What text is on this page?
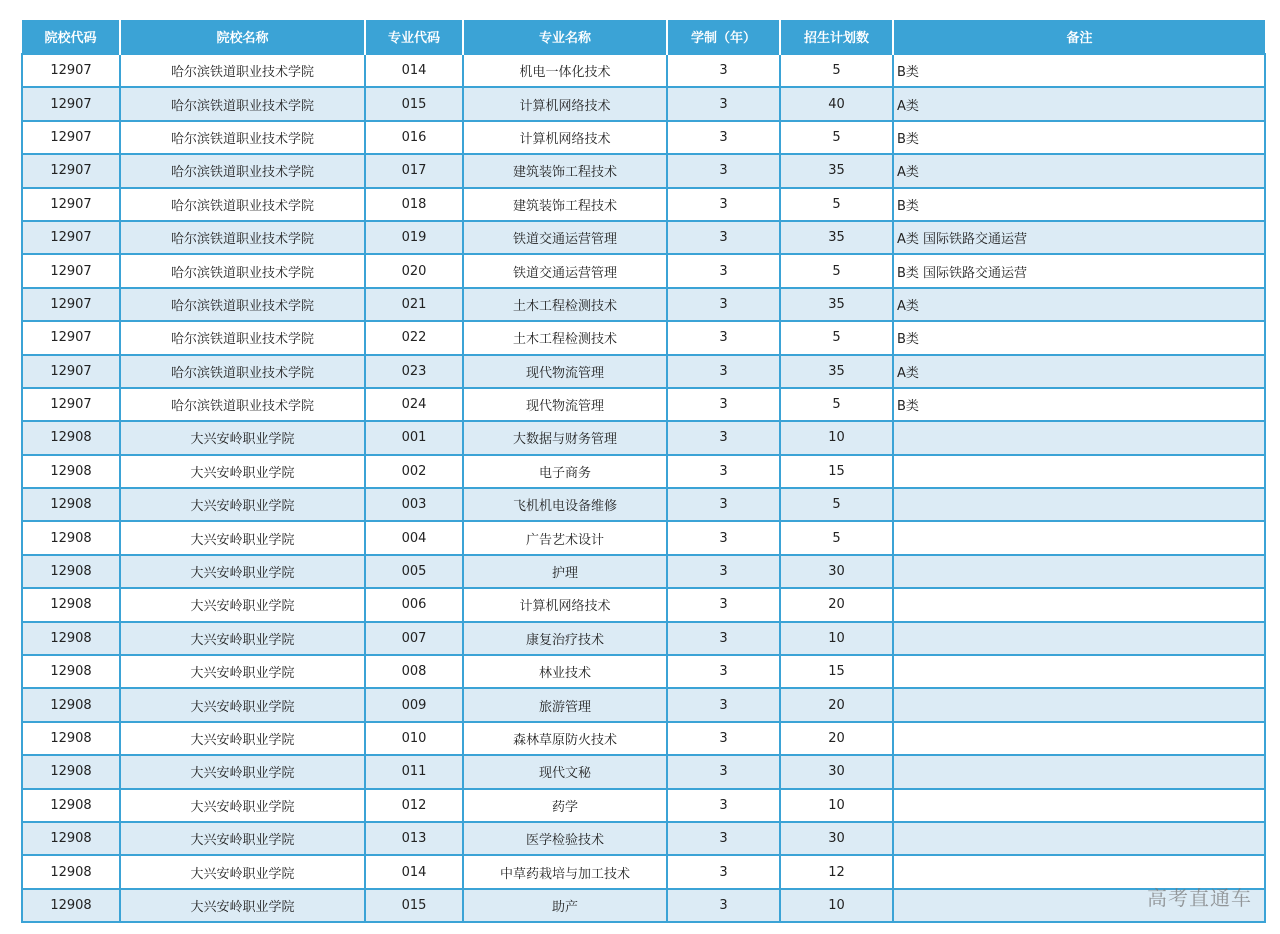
院校代码	院校名称	专业代码	专业名称	学制（年）	招生计划数	备注
12907	哈尔滨铁道职业技术学院	014	机电一体化技术	3	5	B类
12907	哈尔滨铁道职业技术学院	015	计算机网络技术	3	40	A类
12907	哈尔滨铁道职业技术学院	016	计算机网络技术	3	5	B类
12907	哈尔滨铁道职业技术学院	017	建筑装饰工程技术	3	35	A类
12907	哈尔滨铁道职业技术学院	018	建筑装饰工程技术	3	5	B类
12907	哈尔滨铁道职业技术学院	019	铁道交通运营管理	3	35	A类 国际铁路交通运营
12907	哈尔滨铁道职业技术学院	020	铁道交通运营管理	3	5	B类 国际铁路交通运营
12907	哈尔滨铁道职业技术学院	021	土木工程检测技术	3	35	A类
12907	哈尔滨铁道职业技术学院	022	土木工程检测技术	3	5	B类
12907	哈尔滨铁道职业技术学院	023	现代物流管理	3	35	A类
12907	哈尔滨铁道职业技术学院	024	现代物流管理	3	5	B类
12908	大兴安岭职业学院	001	大数据与财务管理	3	10	
12908	大兴安岭职业学院	002	电子商务	3	15	
12908	大兴安岭职业学院	003	飞机机电设备维修	3	5	
12908	大兴安岭职业学院	004	广告艺术设计	3	5	
12908	大兴安岭职业学院	005	护理	3	30	
12908	大兴安岭职业学院	006	计算机网络技术	3	20	
12908	大兴安岭职业学院	007	康复治疗技术	3	10	
12908	大兴安岭职业学院	008	林业技术	3	15	
12908	大兴安岭职业学院	009	旅游管理	3	20	
12908	大兴安岭职业学院	010	森林草原防火技术	3	20	
12908	大兴安岭职业学院	011	现代文秘	3	30	
12908	大兴安岭职业学院	012	药学	3	10	
12908	大兴安岭职业学院	013	医学检验技术	3	30	
12908	大兴安岭职业学院	014	中草药栽培与加工技术	3	12	
12908	大兴安岭职业学院	015	助产	3	10		高考直通车
